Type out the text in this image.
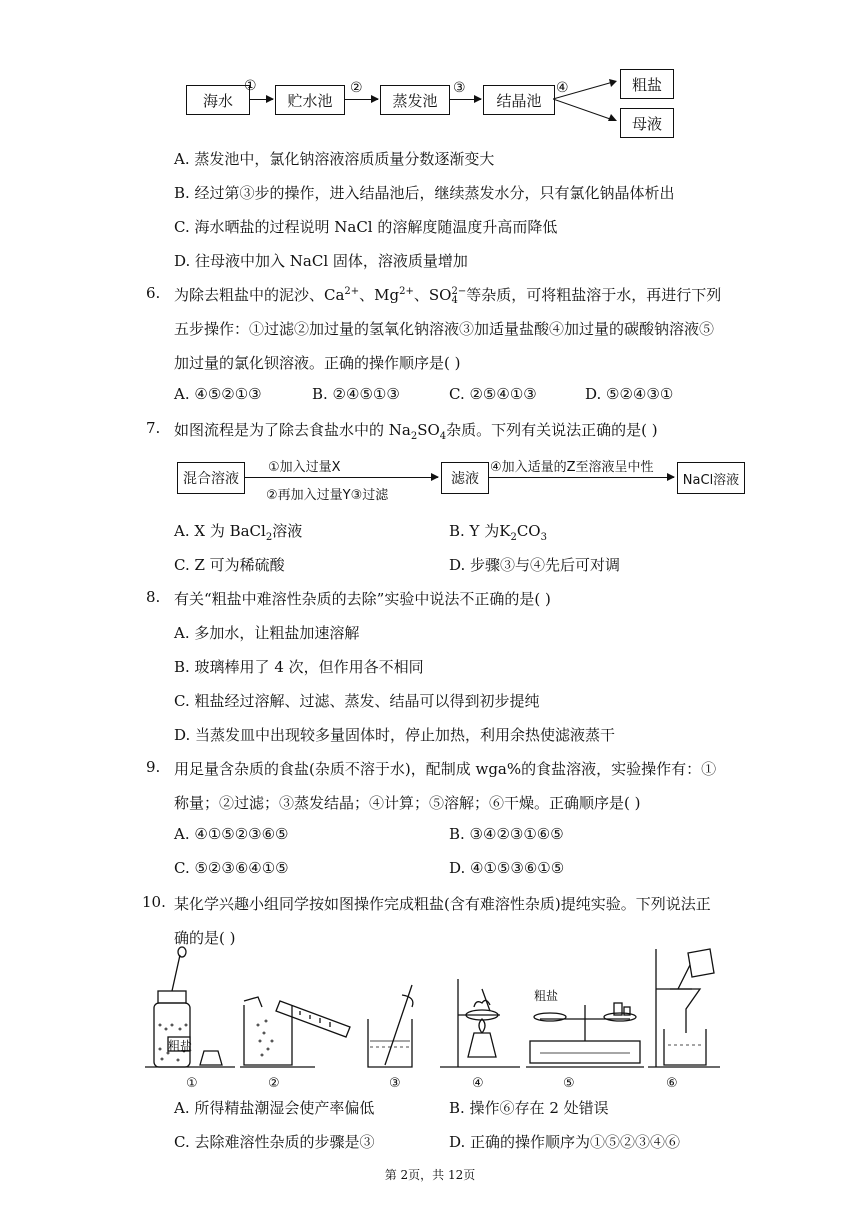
海水
①
贮水池
②
蒸发池
③
结晶池
④	粗盐
母液
A. 蒸发池中，氯化钠溶液溶质质量分数逐渐变大
B. 经过第③步的操作，进入结晶池后，继续蒸发水分，只有氯化钠晶体析出
C. 海水晒盐的过程说明 NaCl 的溶解度随温度升高而降低
D. 往母液中加入 NaCl 固体，溶液质量增加
6. 为除去粗盐中的泥沙、$Ca^{2+}$、$Mg^{2+}$、SO2−
4 等杂质，可将粗盐溶于水，再进行下列
五步操作：①过滤②加过量的氢氧化钠溶液③加适量盐酸④加过量的碳酸钠溶液⑤
加过量的氯化钡溶液。正确的操作顺序是( )
A. ④⑤②①③	B. ②④⑤①③	C. ②⑤④①③	D. ⑤②④③①
7. 如图流程是为了除去食盐水中的 $Na_2SO_4$杂质。下列有关说法正确的是( )
混合溶液
①加入过量X
②再加入过量Y③过滤
滤液
④加入适量的Z至溶液呈中性
NaCl溶液
A. X 为 BaCl$_2$溶液	B. Y 为$K_2CO_3$
C. Z 可为稀硫酸	D. 步骤③与④先后可对调
8. 有关“粗盐中难溶性杂质的去除”实验中说法不正确的是( )
A. 多加水，让粗盐加速溶解
B. 玻璃棒用了 4 次，但作用各不相同
C. 粗盐经过溶解、过滤、蒸发、结晶可以得到初步提纯
D. 当蒸发皿中出现较多量固体时，停止加热，利用余热使滤液蒸干
9. 用足量含杂质的食盐(杂质不溶于水)，配制成 wga%的食盐溶液，实验操作有：①
称量；②过滤；③蒸发结晶；④计算；⑤溶解；⑥干燥。正确顺序是( )
A. ④①⑤②③⑥⑤	B. ③④②③①⑥⑤
C. ⑤②③⑥④①⑤	D. ④①⑤③⑥①⑤
10. 某化学兴趣小组同学按如图操作完成粗盐(含有难溶性杂质)提纯实验。下列说法正
确的是( )
粗盐
粗盐
①	②	③	④	⑤	⑥
A. 所得精盐潮湿会使产率偏低	B. 操作⑥存在 2 处错误
C. 去除难溶性杂质的步骤是③	D. 正确的操作顺序为①⑤②③④⑥
第 2页，共 12页
